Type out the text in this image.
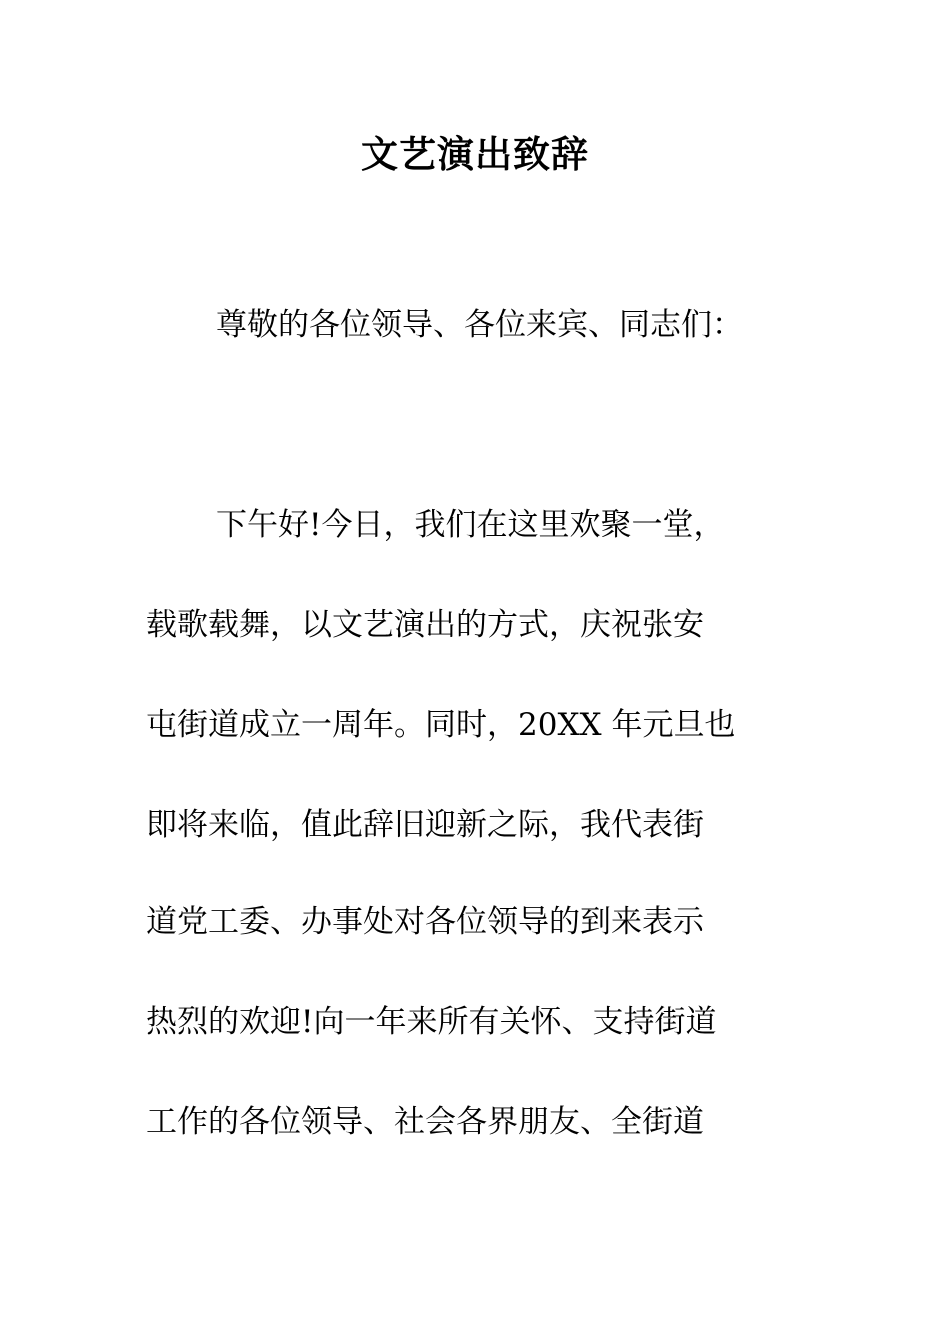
文艺演出致辞
尊敬的各位领导、各位来宾、同志们：
下午好!今日，我们在这里欢聚一堂，
载歌载舞，以文艺演出的方式，庆祝张安
屯街道成立一周年。同时，20XX 年元旦也
即将来临，值此辞旧迎新之际，我代表街
道党工委、办事处对各位领导的到来表示
热烈的欢迎!向一年来所有关怀、支持街道
工作的各位领导、社会各界朋友、全街道
